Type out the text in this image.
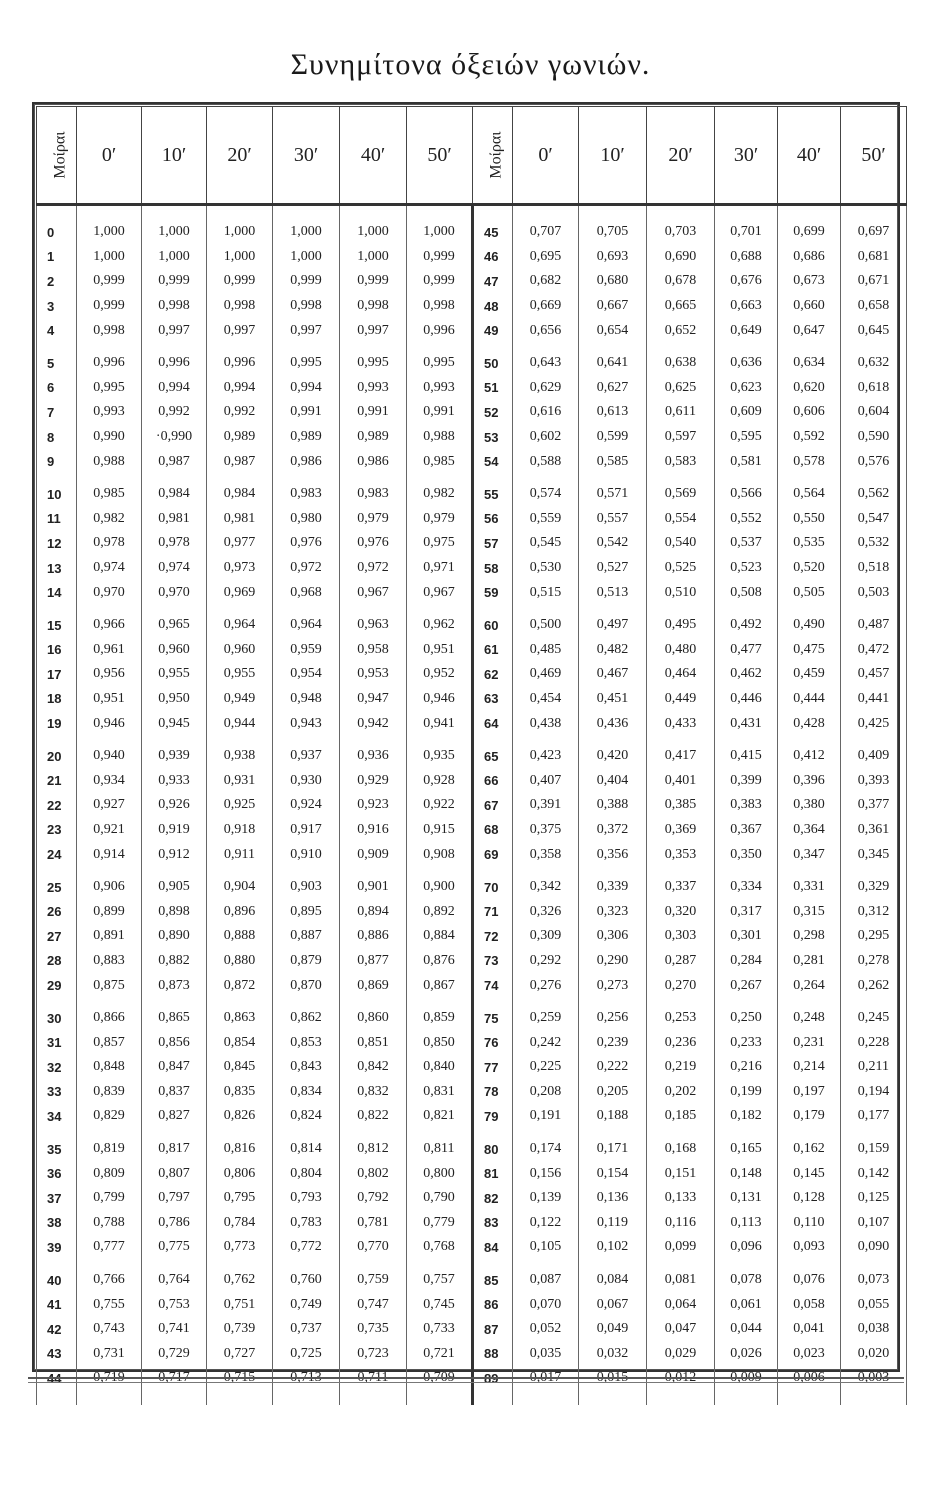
Συνημίτονα όξειών γωνιών.
Μοίραι	0′	10′	20′	30′	40′	50′	Μοίραι	0′	10′	20′	30′	40′	50′
0	1,000	1,000	1,000	1,000	1,000	1,000	45	0,707	0,705	0,703	0,701	0,699	0,697
1	1,000	1,000	1,000	1,000	1,000	0,999	46	0,695	0,693	0,690	0,688	0,686	0,681
2	0,999	0,999	0,999	0,999	0,999	0,999	47	0,682	0,680	0,678	0,676	0,673	0,671
3	0,999	0,998	0,998	0,998	0,998	0,998	48	0,669	0,667	0,665	0,663	0,660	0,658
4	0,998	0,997	0,997	0,997	0,997	0,996	49	0,656	0,654	0,652	0,649	0,647	0,645
5	0,996	0,996	0,996	0,995	0,995	0,995	50	0,643	0,641	0,638	0,636	0,634	0,632
6	0,995	0,994	0,994	0,994	0,993	0,993	51	0,629	0,627	0,625	0,623	0,620	0,618
7	0,993	0,992	0,992	0,991	0,991	0,991	52	0,616	0,613	0,611	0,609	0,606	0,604
8	0,990	·0,990	0,989	0,989	0,989	0,988	53	0,602	0,599	0,597	0,595	0,592	0,590
9	0,988	0,987	0,987	0,986	0,986	0,985	54	0,588	0,585	0,583	0,581	0,578	0,576
10	0,985	0,984	0,984	0,983	0,983	0,982	55	0,574	0,571	0,569	0,566	0,564	0,562
11	0,982	0,981	0,981	0,980	0,979	0,979	56	0,559	0,557	0,554	0,552	0,550	0,547
12	0,978	0,978	0,977	0,976	0,976	0,975	57	0,545	0,542	0,540	0,537	0,535	0,532
13	0,974	0,974	0,973	0,972	0,972	0,971	58	0,530	0,527	0,525	0,523	0,520	0,518
14	0,970	0,970	0,969	0,968	0,967	0,967	59	0,515	0,513	0,510	0,508	0,505	0,503
15	0,966	0,965	0,964	0,964	0,963	0,962	60	0,500	0,497	0,495	0,492	0,490	0,487
16	0,961	0,960	0,960	0,959	0,958	0,951	61	0,485	0,482	0,480	0,477	0,475	0,472
17	0,956	0,955	0,955	0,954	0,953	0,952	62	0,469	0,467	0,464	0,462	0,459	0,457
18	0,951	0,950	0,949	0,948	0,947	0,946	63	0,454	0,451	0,449	0,446	0,444	0,441
19	0,946	0,945	0,944	0,943	0,942	0,941	64	0,438	0,436	0,433	0,431	0,428	0,425
20	0,940	0,939	0,938	0,937	0,936	0,935	65	0,423	0,420	0,417	0,415	0,412	0,409
21	0,934	0,933	0,931	0,930	0,929	0,928	66	0,407	0,404	0,401	0,399	0,396	0,393
22	0,927	0,926	0,925	0,924	0,923	0,922	67	0,391	0,388	0,385	0,383	0,380	0,377
23	0,921	0,919	0,918	0,917	0,916	0,915	68	0,375	0,372	0,369	0,367	0,364	0,361
24	0,914	0,912	0,911	0,910	0,909	0,908	69	0,358	0,356	0,353	0,350	0,347	0,345
25	0,906	0,905	0,904	0,903	0,901	0,900	70	0,342	0,339	0,337	0,334	0,331	0,329
26	0,899	0,898	0,896	0,895	0,894	0,892	71	0,326	0,323	0,320	0,317	0,315	0,312
27	0,891	0,890	0,888	0,887	0,886	0,884	72	0,309	0,306	0,303	0,301	0,298	0,295
28	0,883	0,882	0,880	0,879	0,877	0,876	73	0,292	0,290	0,287	0,284	0,281	0,278
29	0,875	0,873	0,872	0,870	0,869	0,867	74	0,276	0,273	0,270	0,267	0,264	0,262
30	0,866	0,865	0,863	0,862	0,860	0,859	75	0,259	0,256	0,253	0,250	0,248	0,245
31	0,857	0,856	0,854	0,853	0,851	0,850	76	0,242	0,239	0,236	0,233	0,231	0,228
32	0,848	0,847	0,845	0,843	0,842	0,840	77	0,225	0,222	0,219	0,216	0,214	0,211
33	0,839	0,837	0,835	0,834	0,832	0,831	78	0,208	0,205	0,202	0,199	0,197	0,194
34	0,829	0,827	0,826	0,824	0,822	0,821	79	0,191	0,188	0,185	0,182	0,179	0,177
35	0,819	0,817	0,816	0,814	0,812	0,811	80	0,174	0,171	0,168	0,165	0,162	0,159
36	0,809	0,807	0,806	0,804	0,802	0,800	81	0,156	0,154	0,151	0,148	0,145	0,142
37	0,799	0,797	0,795	0,793	0,792	0,790	82	0,139	0,136	0,133	0,131	0,128	0,125
38	0,788	0,786	0,784	0,783	0,781	0,779	83	0,122	0,119	0,116	0,113	0,110	0,107
39	0,777	0,775	0,773	0,772	0,770	0,768	84	0,105	0,102	0,099	0,096	0,093	0,090
40	0,766	0,764	0,762	0,760	0,759	0,757	85	0,087	0,084	0,081	0,078	0,076	0,073
41	0,755	0,753	0,751	0,749	0,747	0,745	86	0,070	0,067	0,064	0,061	0,058	0,055
42	0,743	0,741	0,739	0,737	0,735	0,733	87	0,052	0,049	0,047	0,044	0,041	0,038
43	0,731	0,729	0,727	0,725	0,723	0,721	88	0,035	0,032	0,029	0,026	0,023	0,020
44	0,719	0,717	0,715	0,713	0,711	0,709	89	0,017	0,015	0,012	0,009	0,006	0,003
